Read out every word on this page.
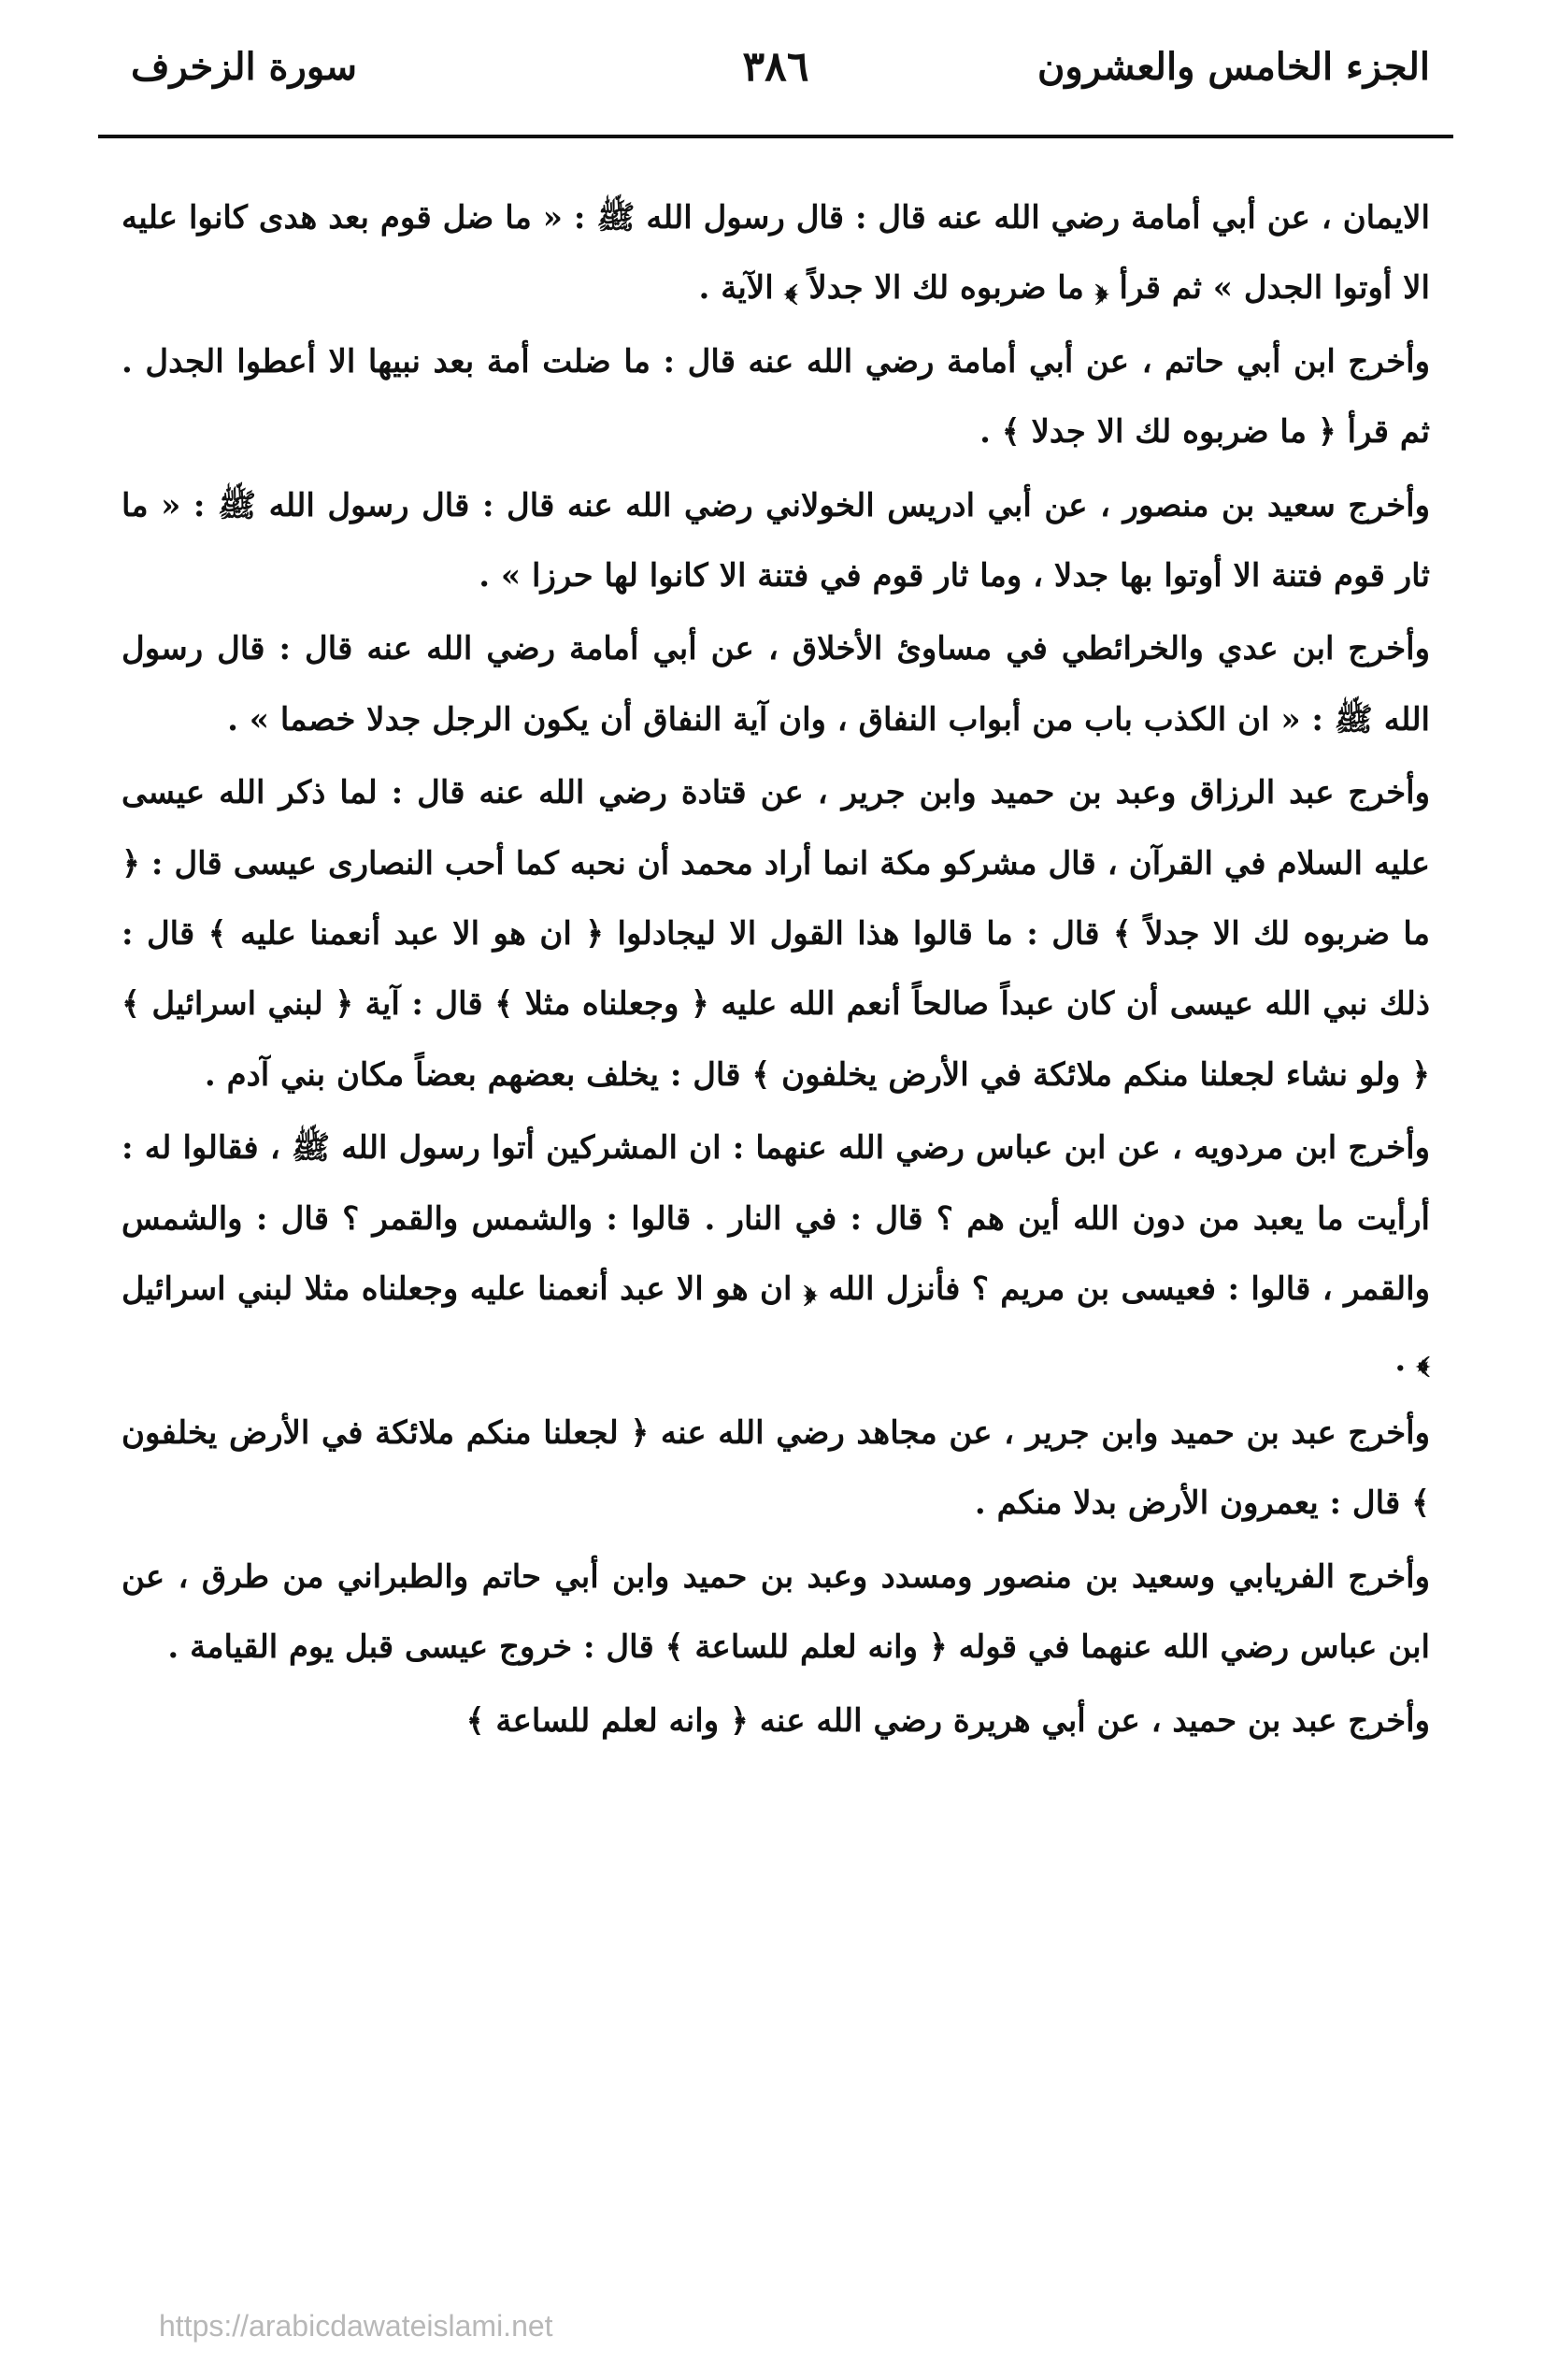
الجزء الخامس والعشرون
٣٨٦
سورة الزخرف

الايمان ، عن أبي أمامة رضي الله عنه قال : قال رسول الله ﷺ : « ما ضل قوم بعد هدى كانوا عليه الا أوتوا الجدل » ثم قرأ ﴿ ما ضربوه لك الا جدلاً ﴾ الآية .

وأخرج ابن أبي حاتم ، عن أبي أمامة رضي الله عنه قال : ما ضلت أمة بعد نبيها الا أعطوا الجدل . ثم قرأ ﴿ ما ضربوه لك الا جدلا ﴾ .

وأخرج سعيد بن منصور ، عن أبي ادريس الخولاني رضي الله عنه قال : قال رسول الله ﷺ : « ما ثار قوم فتنة الا أوتوا بها جدلا ، وما ثار قوم في فتنة الا كانوا لها حرزا » .

وأخرج ابن عدي والخرائطي في مساوئ الأخلاق ، عن أبي أمامة رضي الله عنه قال : قال رسول الله ﷺ : « ان الكذب باب من أبواب النفاق ، وان آية النفاق أن يكون الرجل جدلا خصما » .

وأخرج عبد الرزاق وعبد بن حميد وابن جرير ، عن قتادة رضي الله عنه قال : لما ذكر الله عيسى عليه السلام في القرآن ، قال مشركو مكة انما أراد محمد أن نحبه كما أحب النصارى عيسى قال : ﴿ ما ضربوه لك الا جدلاً ﴾ قال : ما قالوا هذا القول الا ليجادلوا ﴿ ان هو الا عبد أنعمنا عليه ﴾ قال : ذلك نبي الله عيسى أن كان عبداً صالحاً أنعم الله عليه ﴿ وجعلناه مثلا ﴾ قال : آية ﴿ لبني اسرائيل ﴾ ﴿ ولو نشاء لجعلنا منكم ملائكة في الأرض يخلفون ﴾ قال : يخلف بعضهم بعضاً مكان بني آدم .

وأخرج ابن مردويه ، عن ابن عباس رضي الله عنهما : ان المشركين أتوا رسول الله ﷺ ، فقالوا له : أرأيت ما يعبد من دون الله أين هم ؟ قال : في النار . قالوا : والشمس والقمر ؟ قال : والشمس والقمر ، قالوا : فعيسى بن مريم ؟ فأنزل الله ﴿ ان هو الا عبد أنعمنا عليه وجعلناه مثلا لبني اسرائيل ﴾ .

وأخرج عبد بن حميد وابن جرير ، عن مجاهد رضي الله عنه ﴿ لجعلنا منكم ملائكة في الأرض يخلفون ﴾ قال : يعمرون الأرض بدلا منكم .

وأخرج الفريابي وسعيد بن منصور ومسدد وعبد بن حميد وابن أبي حاتم والطبراني من طرق ، عن ابن عباس رضي الله عنهما في قوله ﴿ وانه لعلم للساعة ﴾ قال : خروج عيسى قبل يوم القيامة .

وأخرج عبد بن حميد ، عن أبي هريرة رضي الله عنه ﴿ وانه لعلم للساعة ﴾

https://arabicdawateislami.net
